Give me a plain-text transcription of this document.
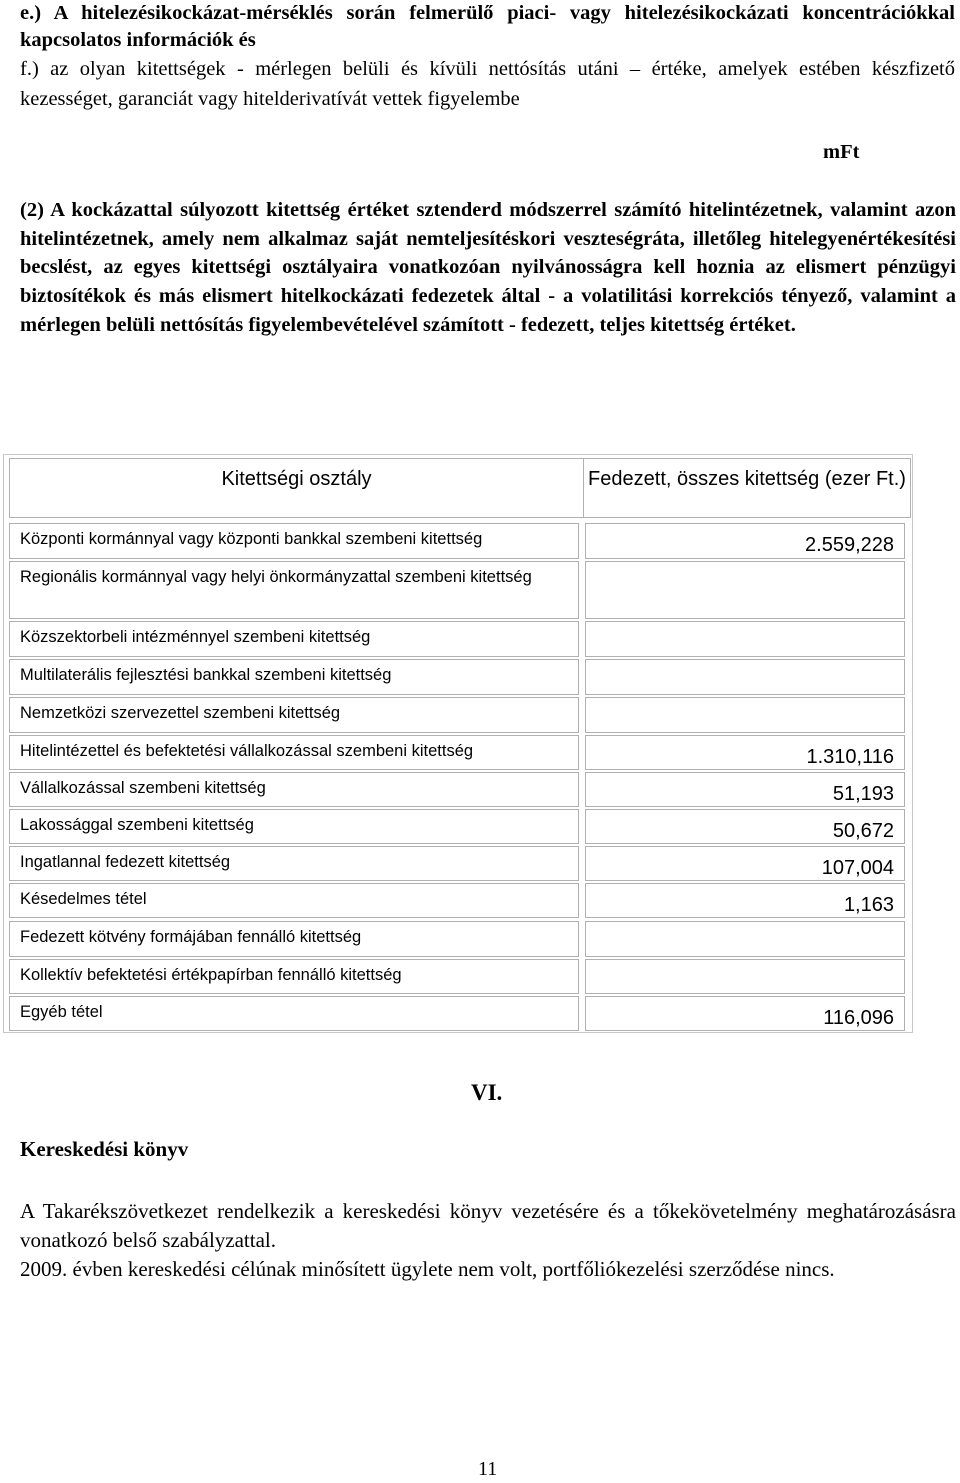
e.) A hitelezésikockázat-mérséklés során felmerülő piaci- vagy hitelezésikockázati koncentrációkkal kapcsolatos információk és
f.) az olyan kitettségek - mérlegen belüli és kívüli nettósítás utáni – értéke, amelyek estében készfizető kezességet, garanciát vagy hitelderivatívát vettek figyelembe
mFt
(2) A kockázattal súlyozott kitettség értéket sztenderd módszerrel számító hitelintézetnek, valamint azon hitelintézetnek, amely nem alkalmaz saját nemteljesítéskori veszteségráta, illetőleg hitelegyenértékesítési becslést, az egyes kitettségi osztályaira vonatkozóan nyilvánosságra kell hoznia az elismert pénzügyi biztosítékok és más elismert hitelkockázati fedezetek által - a volatilitási korrekciós tényező, valamint a mérlegen belüli nettósítás figyelembevételével számított - fedezett, teljes kitettség értéket.
Kitettségi osztály	Fedezett, összes kitettség (ezer Ft.)
Központi kormánnyal vagy központi bankkal szembeni kitettség	2.559,228
Regionális kormánnyal vagy helyi önkormányzattal szembeni kitettség
Közszektorbeli intézménnyel szembeni kitettség
Multilaterális fejlesztési bankkal szembeni kitettség
Nemzetközi szervezettel szembeni kitettség
Hitelintézettel és befektetési vállalkozással szembeni kitettség	1.310,116
Vállalkozással szembeni kitettség	51,193
Lakossággal szembeni kitettség	50,672
Ingatlannal fedezett kitettség	107,004
Késedelmes tétel	1,163
Fedezett kötvény formájában fennálló kitettség
Kollektív befektetési értékpapírban fennálló kitettség
Egyéb tétel	116,096
VI.
Kereskedési könyv
A Takarékszövetkezet rendelkezik a kereskedési könyv vezetésére és a tőkekövetelmény meghatározásásra vonatkozó belső szabályzattal.
2009. évben kereskedési célúnak minősített ügylete nem volt, portfőliókezelési szerződése nincs.
11
